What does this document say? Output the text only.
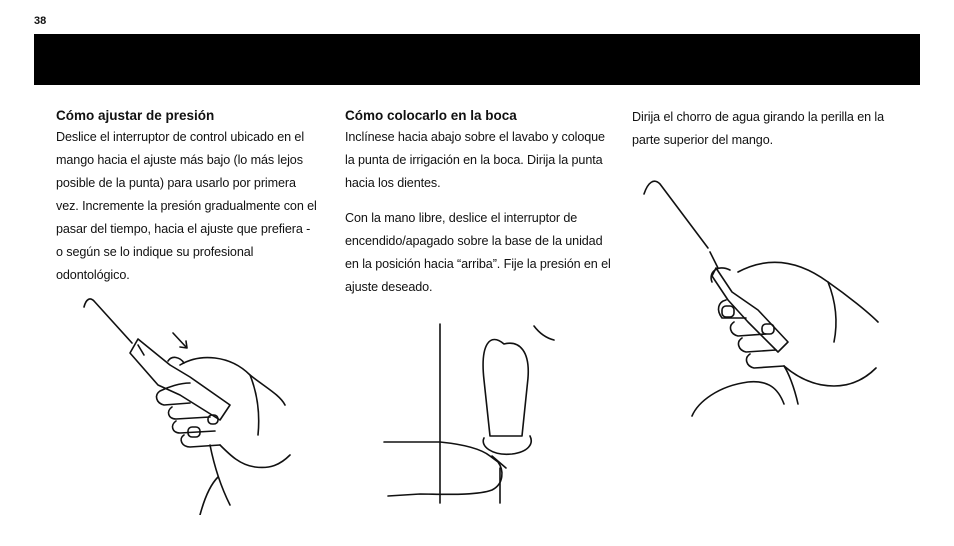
38

Cómo ajustar de presión

Deslice el interruptor de control ubicado en el mango hacia el ajuste más bajo (lo más lejos posible de la punta) para usarlo por primera vez. Incremente la presión gradualmente con el pasar del tiempo, hacia el ajuste que prefiera - o según se lo indique su profesional odontológico.

Cómo colocarlo en la boca

Inclínese hacia abajo sobre el lavabo y coloque la punta de irrigación en la boca. Dirija la punta hacia los dientes.

Con la mano libre, deslice el interruptor de encendido/apagado sobre la base de la unidad en la posición hacia “arriba”. Fije la presión en el ajuste deseado.

Dirija el chorro de agua girando la perilla en la parte superior del mango.
